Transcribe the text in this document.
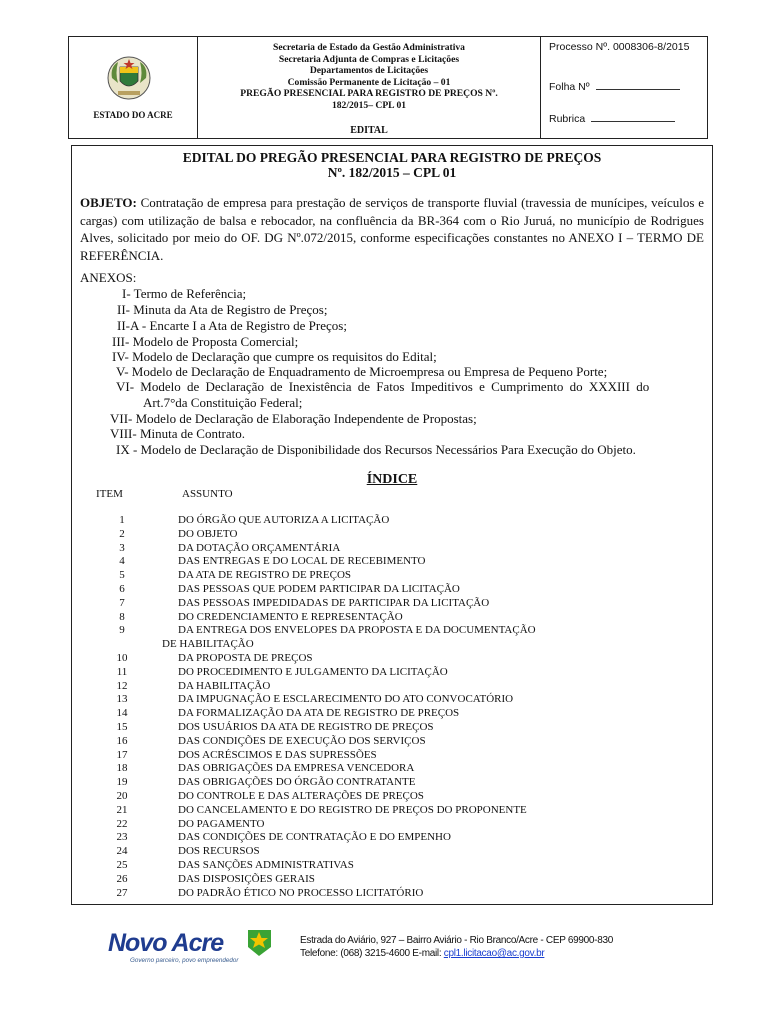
ESTADO DO ACRE
Secretaria de Estado da Gestão Administrativa
Secretaria Adjunta de Compras e Licitações
Departamentos de Licitações
Comissão Permanente de Licitação – 01
PREGÃO PRESENCIAL PARA REGISTRO DE PREÇOS Nº.
182/2015– CPL 01
EDITAL
Processo Nº. 0008306-8/2015
Folha Nº
Rubrica
EDITAL DO PREGÃO PRESENCIAL PARA REGISTRO DE PREÇOS
Nº. 182/2015 – CPL 01
OBJETO: Contratação de empresa para prestação de serviços de transporte fluvial (travessia de munícipes, veículos e cargas) com utilização de balsa e rebocador, na confluência da BR-364 com o Rio Juruá, no município de Rodrigues Alves, solicitado por meio do OF. DG Nº.072/2015, conforme especificações constantes no ANEXO I – TERMO DE REFERÊNCIA.
ANEXOS:
I- Termo de Referência;
II- Minuta da Ata de Registro de Preços;
II-A - Encarte I a Ata de Registro de Preços;
III- Modelo de Proposta Comercial;
IV- Modelo de Declaração que cumpre os requisitos do Edital;
V- Modelo de Declaração de Enquadramento de Microempresa ou Empresa de Pequeno Porte;
VI- Modelo de Declaração de Inexistência de Fatos Impeditivos e Cumprimento do XXXIII do
Art.7°da Constituição Federal;
VII- Modelo de Declaração de Elaboração Independente de Propostas;
VIII- Minuta de Contrato.
IX - Modelo de Declaração de Disponibilidade dos Recursos Necessários Para Execução do Objeto.
ÍNDICE
ITEM	ASSUNTO
1	DO ÓRGÃO QUE AUTORIZA A LICITAÇÃO
2	DO OBJETO
3	DA DOTAÇÃO ORÇAMENTÁRIA
4	DAS ENTREGAS E DO LOCAL DE RECEBIMENTO
5	DA ATA DE REGISTRO DE PREÇOS
6	DAS PESSOAS QUE PODEM PARTICIPAR DA LICITAÇÃO
7	DAS PESSOAS IMPEDIDADAS DE PARTICIPAR DA LICITAÇÃO
8	DO CREDENCIAMENTO E REPRESENTAÇÃO
9	DA ENTREGA DOS ENVELOPES DA PROPOSTA E DA DOCUMENTAÇÃO
DE HABILITAÇÃO
10	DA PROPOSTA DE PREÇOS
11	DO PROCEDIMENTO E JULGAMENTO DA LICITAÇÃO
12	DA HABILITAÇÃO
13	DA IMPUGNAÇÃO E ESCLARECIMENTO DO ATO CONVOCATÓRIO
14	DA FORMALIZAÇÃO DA ATA DE REGISTRO DE PREÇOS
15	DOS USUÁRIOS DA ATA DE REGISTRO DE PREÇOS
16	DAS CONDIÇÕES DE EXECUÇÃO DOS SERVIÇOS
17	DOS ACRÉSCIMOS E DAS SUPRESSÕES
18	DAS OBRIGAÇÕES DA EMPRESA VENCEDORA
19	DAS OBRIGAÇÕES DO ÓRGÃO CONTRATANTE
20	DO CONTROLE E DAS ALTERAÇÕES DE PREÇOS
21	DO CANCELAMENTO E DO REGISTRO DE PREÇOS DO PROPONENTE
22	DO PAGAMENTO
23	DAS CONDIÇÕES DE CONTRATAÇÃO E DO EMPENHO
24	DOS RECURSOS
25	DAS SANÇÕES ADMINISTRATIVAS
26	DAS DISPOSIÇÕES GERAIS
27	DO PADRÃO ÉTICO NO PROCESSO LICITATÓRIO
Novo Acre
Governo parceiro, povo empreendedor
Estrada do Aviário, 927 – Bairro Aviário - Rio Branco/Acre - CEP 69900-830
Telefone: (068) 3215-4600 E-mail: cpl1.licitacao@ac.gov.br
